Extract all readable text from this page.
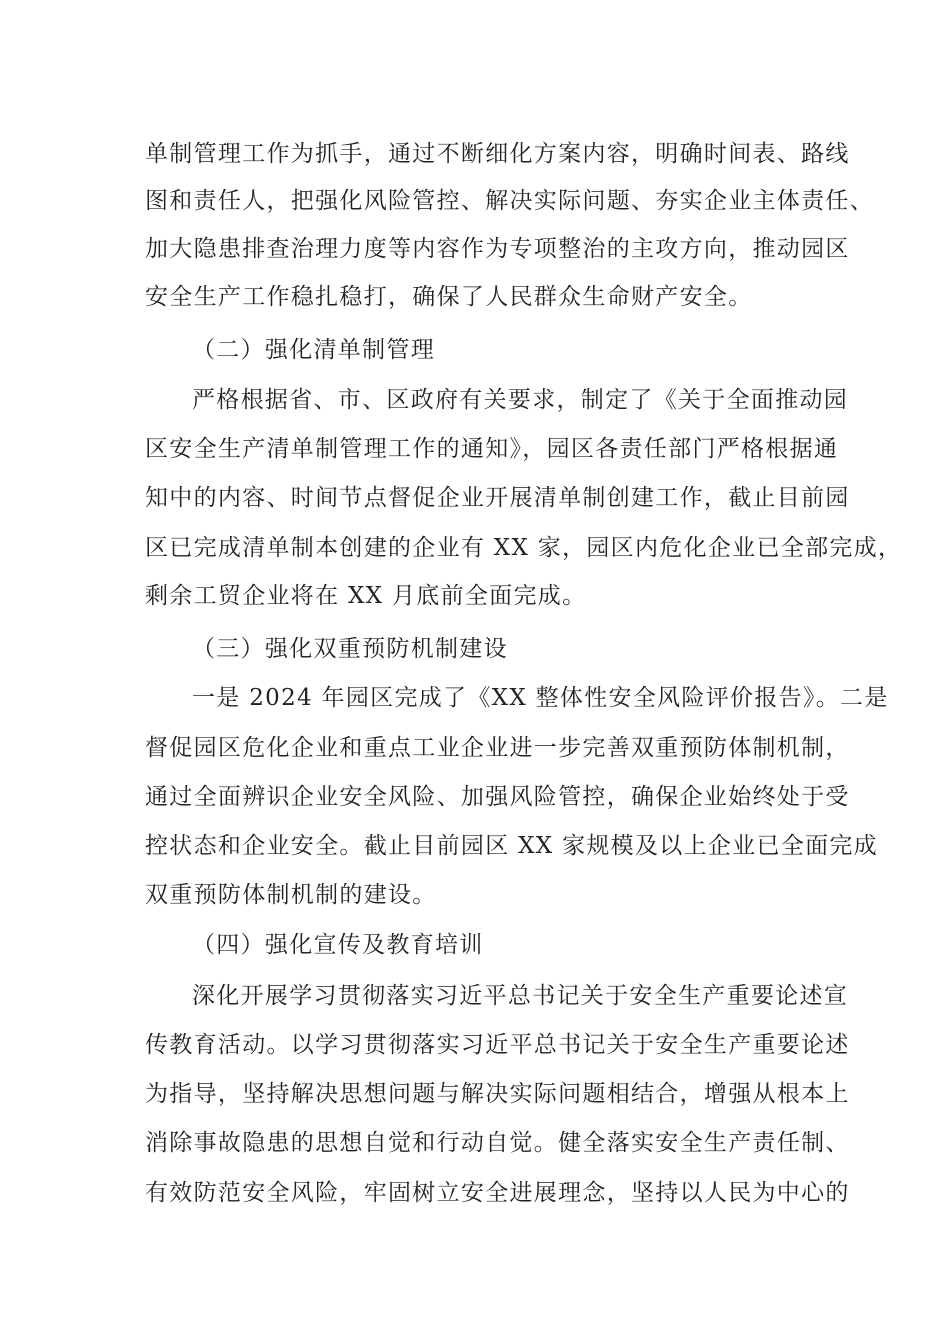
单制管理工作为抓手，通过不断细化方案内容，明确时间表、路线
图和责任人，把强化风险管控、解决实际问题、夯实企业主体责任、
加大隐患排查治理力度等内容作为专项整治的主攻方向，推动园区
安全生产工作稳扎稳打，确保了人民群众生命财产安全。
（二）强化清单制管理
严格根据省、市、区政府有关要求，制定了《关于全面推动园
区安全生产清单制管理工作的通知》，园区各责任部门严格根据通
知中的内容、时间节点督促企业开展清单制创建工作，截止目前园
区已完成清单制本创建的企业有 XX 家，园区内危化企业已全部完成，
剩余工贸企业将在 XX 月底前全面完成。
（三）强化双重预防机制建设
一是 2024 年园区完成了《XX 整体性安全风险评价报告》。二是
督促园区危化企业和重点工业企业进一步完善双重预防体制机制，
通过全面辨识企业安全风险、加强风险管控，确保企业始终处于受
控状态和企业安全。截止目前园区 XX 家规模及以上企业已全面完成
双重预防体制机制的建设。
（四）强化宣传及教育培训
深化开展学习贯彻落实习近平总书记关于安全生产重要论述宣
传教育活动。以学习贯彻落实习近平总书记关于安全生产重要论述
为指导，坚持解决思想问题与解决实际问题相结合，增强从根本上
消除事故隐患的思想自觉和行动自觉。健全落实安全生产责任制、
有效防范安全风险，牢固树立安全进展理念，坚持以人民为中心的
